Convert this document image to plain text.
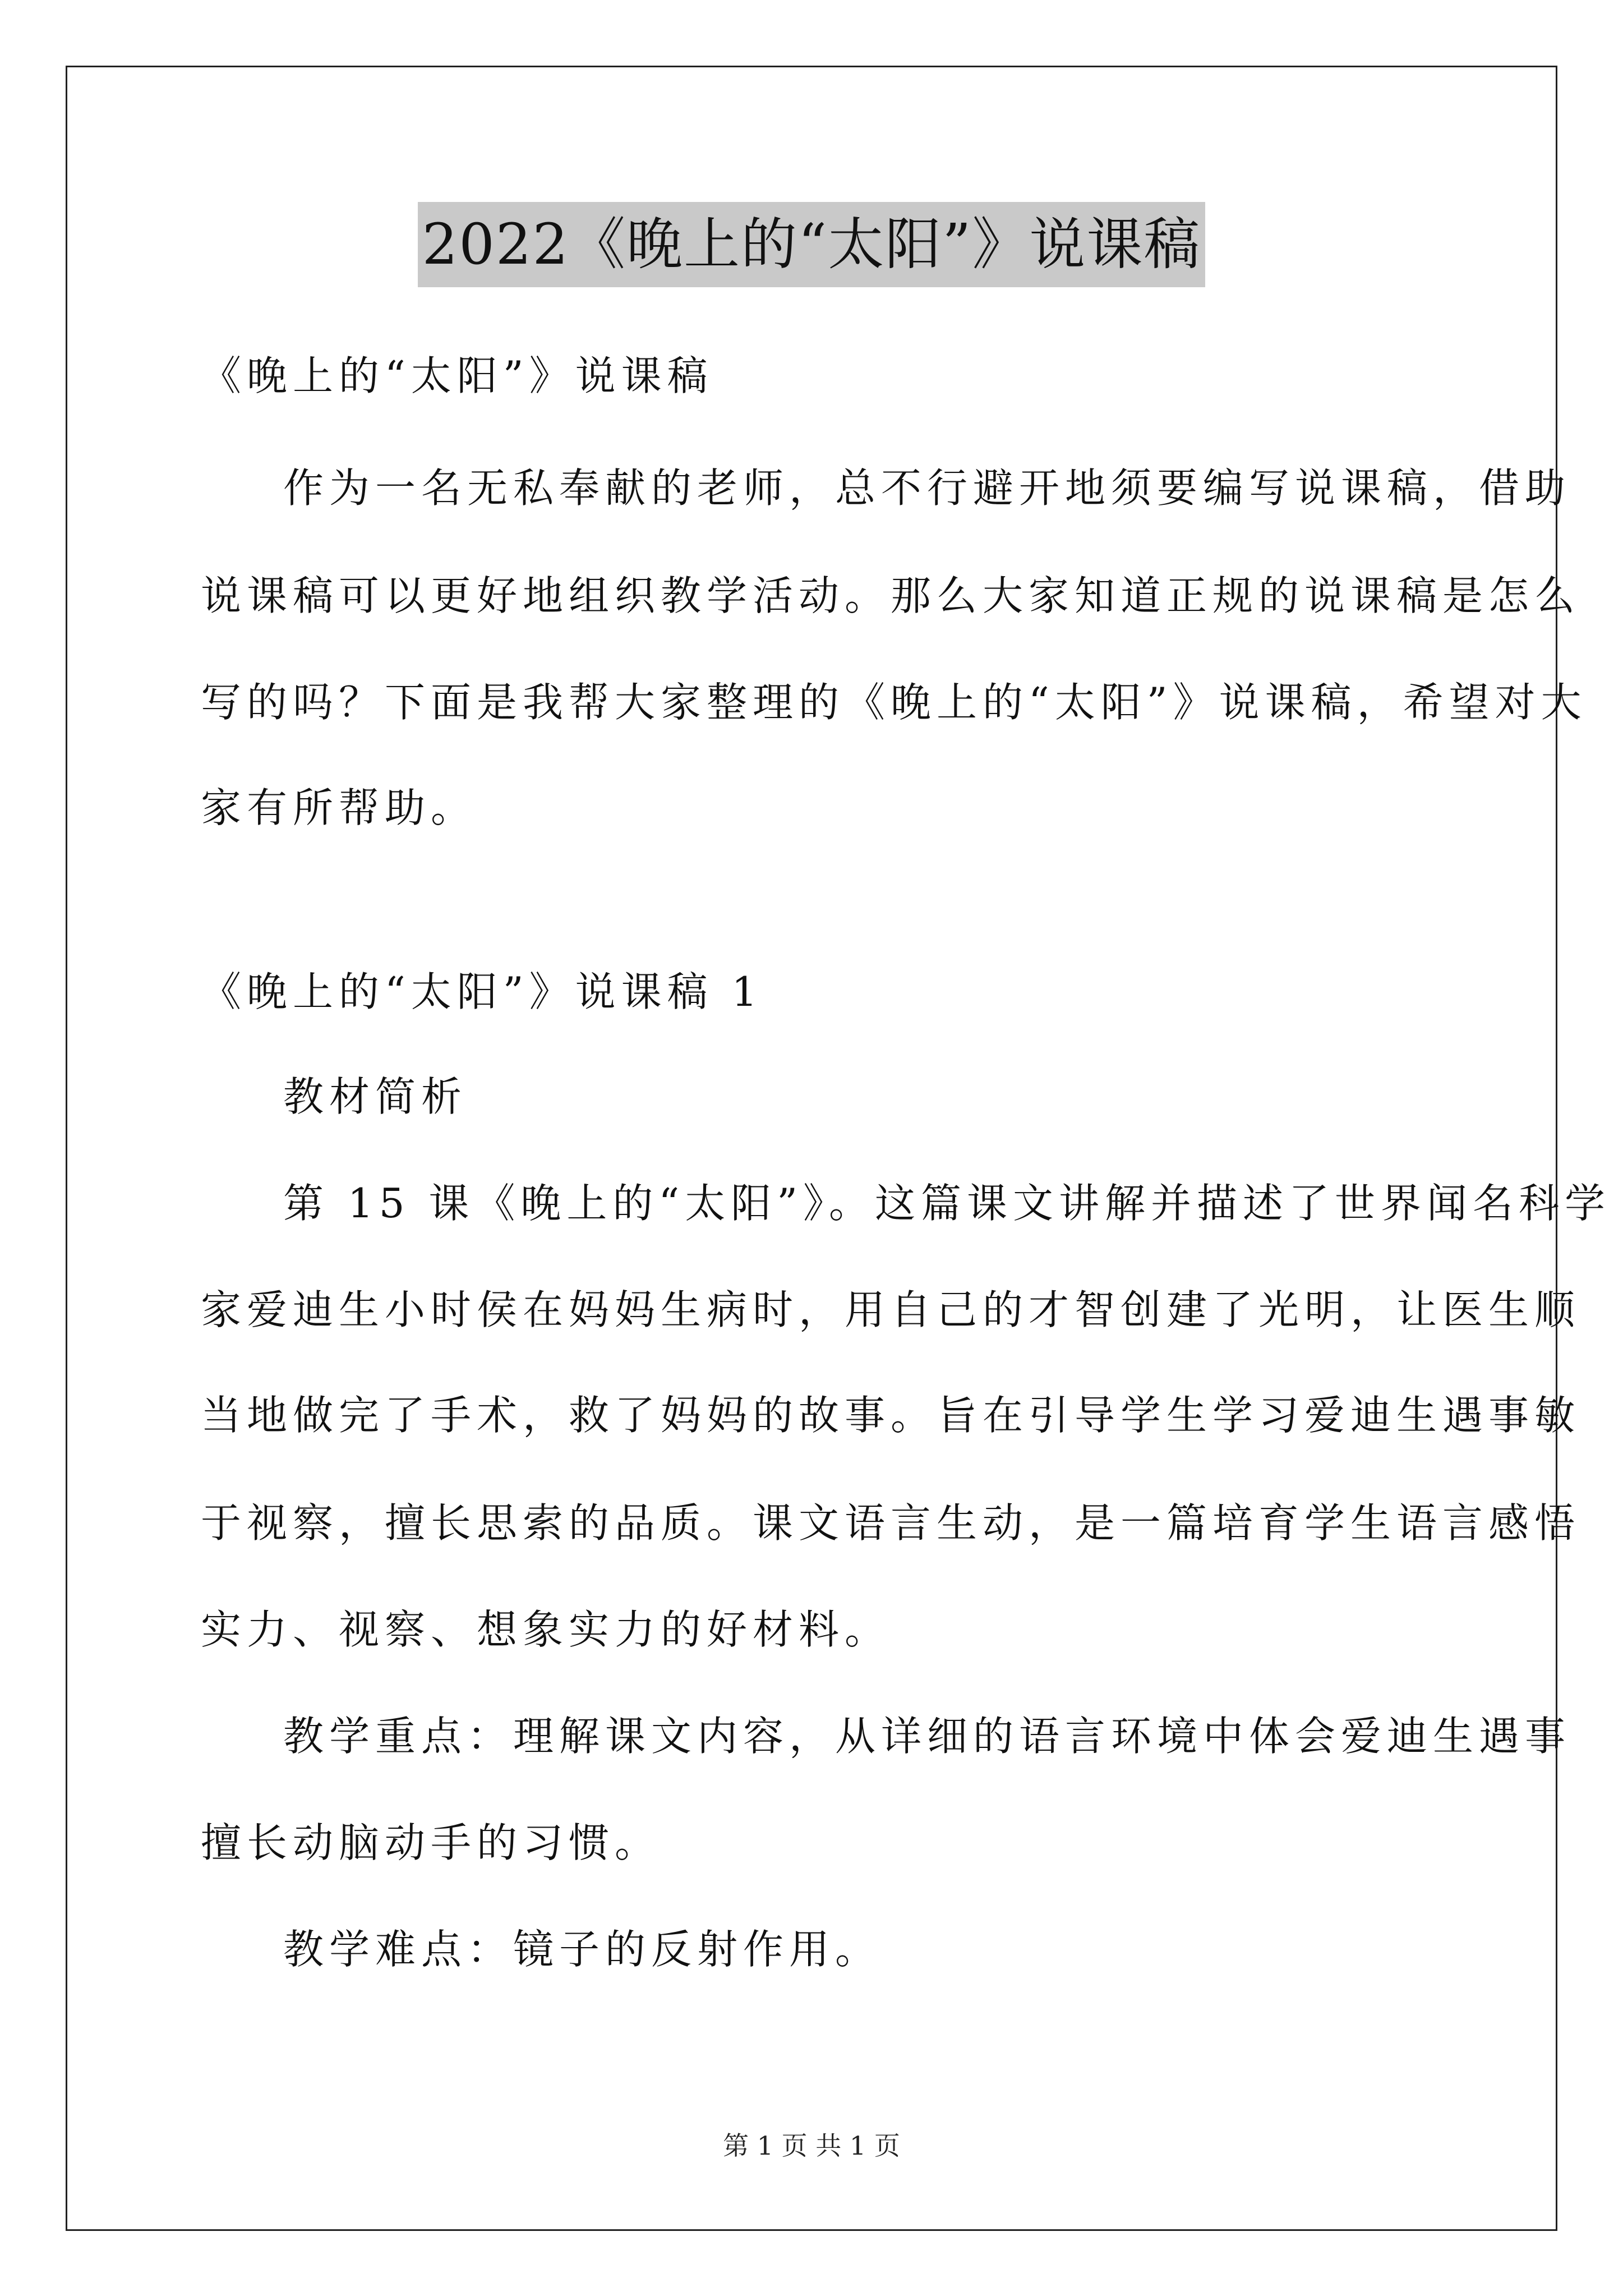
2022《晚上的“太阳”》说课稿
《晚上的“太阳”》说课稿
作为一名无私奉献的老师，总不行避开地须要编写说课稿，借助
说课稿可以更好地组织教学活动。那么大家知道正规的说课稿是怎么
写的吗？下面是我帮大家整理的《晚上的“太阳”》说课稿，希望对大
家有所帮助。
《晚上的“太阳”》说课稿 1
教材简析
第 15 课《晚上的“太阳”》。这篇课文讲解并描述了世界闻名科学
家爱迪生小时侯在妈妈生病时，用自己的才智创建了光明，让医生顺
当地做完了手术，救了妈妈的故事。旨在引导学生学习爱迪生遇事敏
于视察，擅长思索的品质。课文语言生动，是一篇培育学生语言感悟
实力、视察、想象实力的好材料。
教学重点：理解课文内容，从详细的语言环境中体会爱迪生遇事
擅长动脑动手的习惯。
教学难点：镜子的反射作用。
第 1 页 共 1 页
